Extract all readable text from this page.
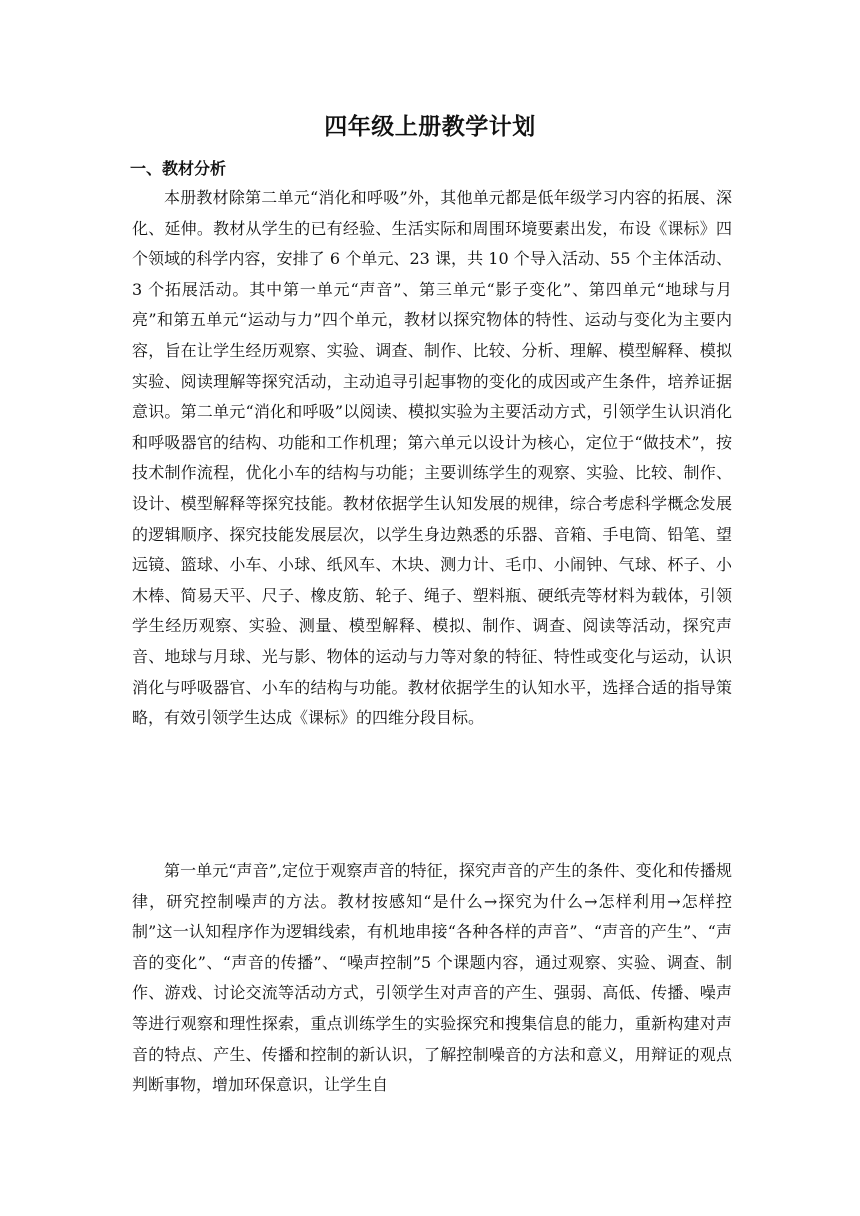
四年级上册教学计划
一、教材分析

本册教材除第二单元“消化和呼吸”外，其他单元都是低年级学习内容的拓展、深化、延伸。教材从学生的已有经验、生活实际和周围环境要素出发，布设《课标》四个领域的科学内容，安排了 6 个单元、23 课，共 10 个导入活动、55 个主体活动、3 个拓展活动。其中第一单元“声音”、第三单元“影子变化”、第四单元“地球与月亮”和第五单元“运动与力”四个单元，教材以探究物体的特性、运动与变化为主要内容，旨在让学生经历观察、实验、调查、制作、比较、分析、理解、模型解释、模拟实验、阅读理解等探究活动，主动追寻引起事物的变化的成因或产生条件，培养证据意识。第二单元“消化和呼吸”以阅读、模拟实验为主要活动方式，引领学生认识消化和呼吸器官的结构、功能和工作机理；第六单元以设计为核心，定位于“做技术”，按技术制作流程，优化小车的结构与功能；主要训练学生的观察、实验、比较、制作、设计、模型解释等探究技能。教材依据学生认知发展的规律，综合考虑科学概念发展的逻辑顺序、探究技能发展层次，以学生身边熟悉的乐器、音箱、手电筒、铅笔、望远镜、篮球、小车、小球、纸风车、木块、测力计、毛巾、小闹钟、气球、杯子、小木棒、简易天平、尺子、橡皮筋、轮子、绳子、塑料瓶、硬纸壳等材料为载体，引领学生经历观察、实验、测量、模型解释、模拟、制作、调查、阅读等活动，探究声音、地球与月球、光与影、物体的运动与力等对象的特征、特性或变化与运动，认识消化与呼吸器官、小车的结构与功能。教材依据学生的认知水平，选择合适的指导策略，有效引领学生达成《课标》的四维分段目标。

第一单元“声音”,定位于观察声音的特征，探究声音的产生的条件、变化和传播规律，研究控制噪声的方法。教材按感知“是什么→探究为什么→怎样利用→怎样控制”这一认知程序作为逻辑线索，有机地串接“各种各样的声音”、“声音的产生”、“声音的变化”、“声音的传播”、“噪声控制”5 个课题内容，通过观察、实验、调查、制作、游戏、讨论交流等活动方式，引领学生对声音的产生、强弱、高低、传播、噪声等进行观察和理性探索，重点训练学生的实验探究和搜集信息的能力，重新构建对声音的特点、产生、传播和控制的新认识，了解控制噪音的方法和意义，用辩证的观点判断事物，增加环保意识，让学生自
